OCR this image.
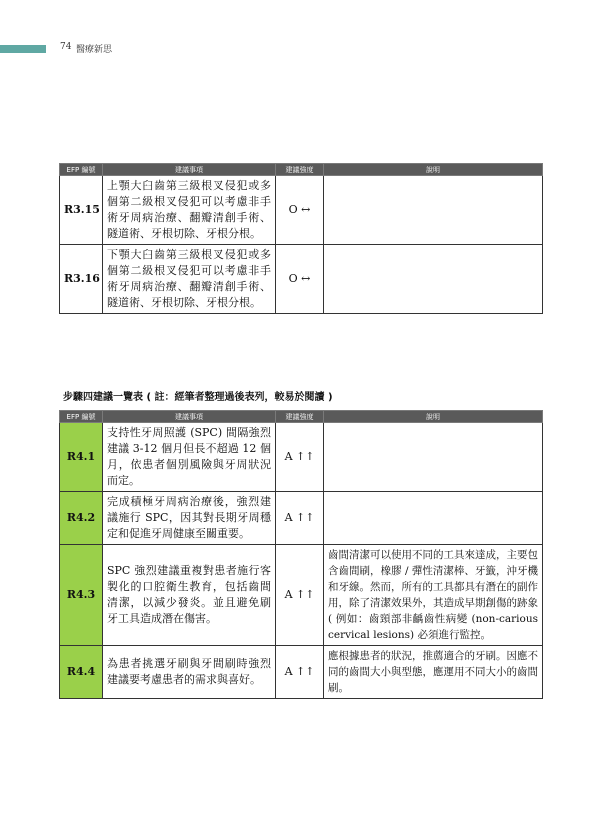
74 醫療新思
EFP 編號	建議事項	建議強度	說明
R3.15	上顎大臼齒第三級根叉侵犯或多個第二級根叉侵犯可以考慮非手術牙周病治療、翻瓣清創手術、隧道術、牙根切除、牙根分根。	O ↔	
R3.16	下顎大臼齒第三級根叉侵犯或多個第二級根叉侵犯可以考慮非手術牙周病治療、翻瓣清創手術、隧道術、牙根切除、牙根分根。	O ↔	
步驟四建議一覽表 ( 註：經筆者整理過後表列，較易於閱讀 )
EFP 編號	建議事項	建議強度	說明
R4.1	支持性牙周照護 (SPC) 間隔強烈建議 3-12 個月但長不超過 12 個月，依患者個別風險與牙周狀況而定。	A ↑↑	
R4.2	完成積極牙周病治療後，強烈建議施行 SPC，因其對長期牙周穩定和促進牙周健康至關重要。	A ↑↑	
R4.3	SPC 強烈建議重複對患者施行客製化的口腔衛生教育，包括齒間清潔，以減少發炎。並且避免刷牙工具造成潛在傷害。	A ↑↑	齒間清潔可以使用不同的工具來達成，主要包含齒間刷，橡膠 / 彈性清潔棒、牙籤，沖牙機和牙線。然而，所有的工具都具有潛在的副作用，除了清潔效果外，其造成早期創傷的跡象 ( 例如：齒頸部非齲齒性病變 (non-carious cervical lesions) 必須進行監控。
R4.4	為患者挑選牙刷與牙間刷時強烈建議要考慮患者的需求與喜好。	A ↑↑	應根據患者的狀況，推薦適合的牙刷。因應不同的齒間大小與型態，應運用不同大小的齒間刷。
